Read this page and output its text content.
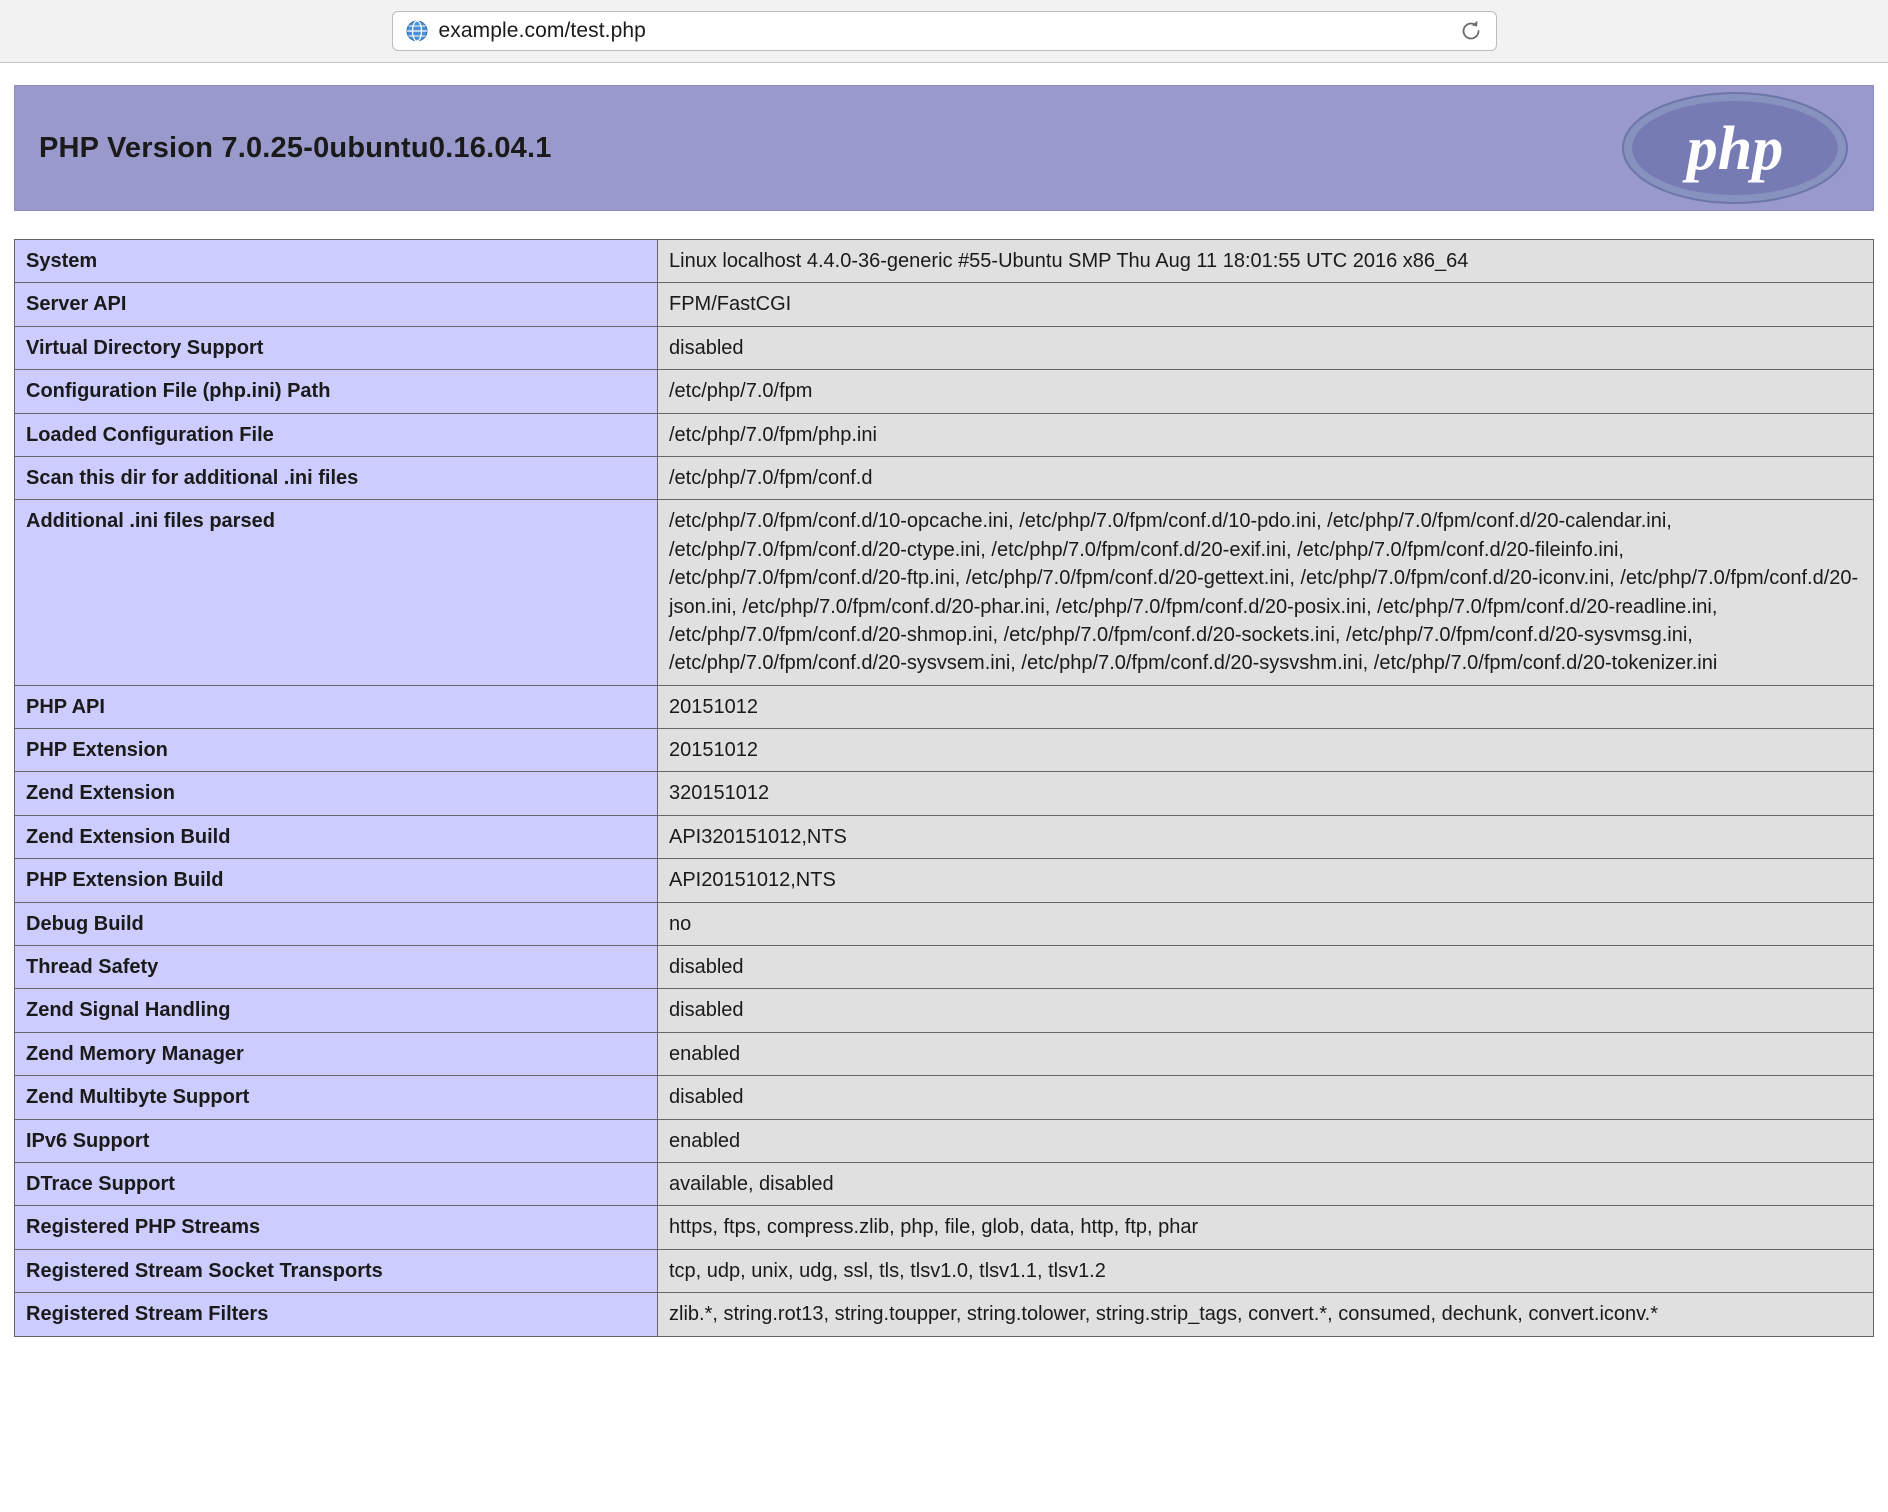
example.com/test.php
PHP Version 7.0.25-0ubuntu0.16.04.1	php
System	Linux localhost 4.4.0-36-generic #55-Ubuntu SMP Thu Aug 11 18:01:55 UTC 2016 x86_64
Server API	FPM/FastCGI
Virtual Directory Support	disabled
Configuration File (php.ini) Path	/etc/php/7.0/fpm
Loaded Configuration File	/etc/php/7.0/fpm/php.ini
Scan this dir for additional .ini files	/etc/php/7.0/fpm/conf.d
Additional .ini files parsed	/etc/php/7.0/fpm/conf.d/10-opcache.ini, /etc/php/7.0/fpm/conf.d/10-pdo.ini, /etc/php/7.0/fpm/conf.d/20-calendar.ini, /etc/php/7.0/fpm/conf.d/20-ctype.ini, /etc/php/7.0/fpm/conf.d/20-exif.ini, /etc/php/7.0/fpm/conf.d/20-fileinfo.ini, /etc/php/7.0/fpm/conf.d/20-ftp.ini, /etc/php/7.0/fpm/conf.d/20-gettext.ini, /etc/php/7.0/fpm/conf.d/20-iconv.ini, /etc/php/7.0/fpm/conf.d/20-json.ini, /etc/php/7.0/fpm/conf.d/20-phar.ini, /etc/php/7.0/fpm/conf.d/20-posix.ini, /etc/php/7.0/fpm/conf.d/20-readline.ini, /etc/php/7.0/fpm/conf.d/20-shmop.ini, /etc/php/7.0/fpm/conf.d/20-sockets.ini, /etc/php/7.0/fpm/conf.d/20-sysvmsg.ini, /etc/php/7.0/fpm/conf.d/20-sysvsem.ini, /etc/php/7.0/fpm/conf.d/20-sysvshm.ini, /etc/php/7.0/fpm/conf.d/20-tokenizer.ini
PHP API	20151012
PHP Extension	20151012
Zend Extension	320151012
Zend Extension Build	API320151012,NTS
PHP Extension Build	API20151012,NTS
Debug Build	no
Thread Safety	disabled
Zend Signal Handling	disabled
Zend Memory Manager	enabled
Zend Multibyte Support	disabled
IPv6 Support	enabled
DTrace Support	available, disabled
Registered PHP Streams	https, ftps, compress.zlib, php, file, glob, data, http, ftp, phar
Registered Stream Socket Transports	tcp, udp, unix, udg, ssl, tls, tlsv1.0, tlsv1.1, tlsv1.2
Registered Stream Filters	zlib.*, string.rot13, string.toupper, string.tolower, string.strip_tags, convert.*, consumed, dechunk, convert.iconv.*
